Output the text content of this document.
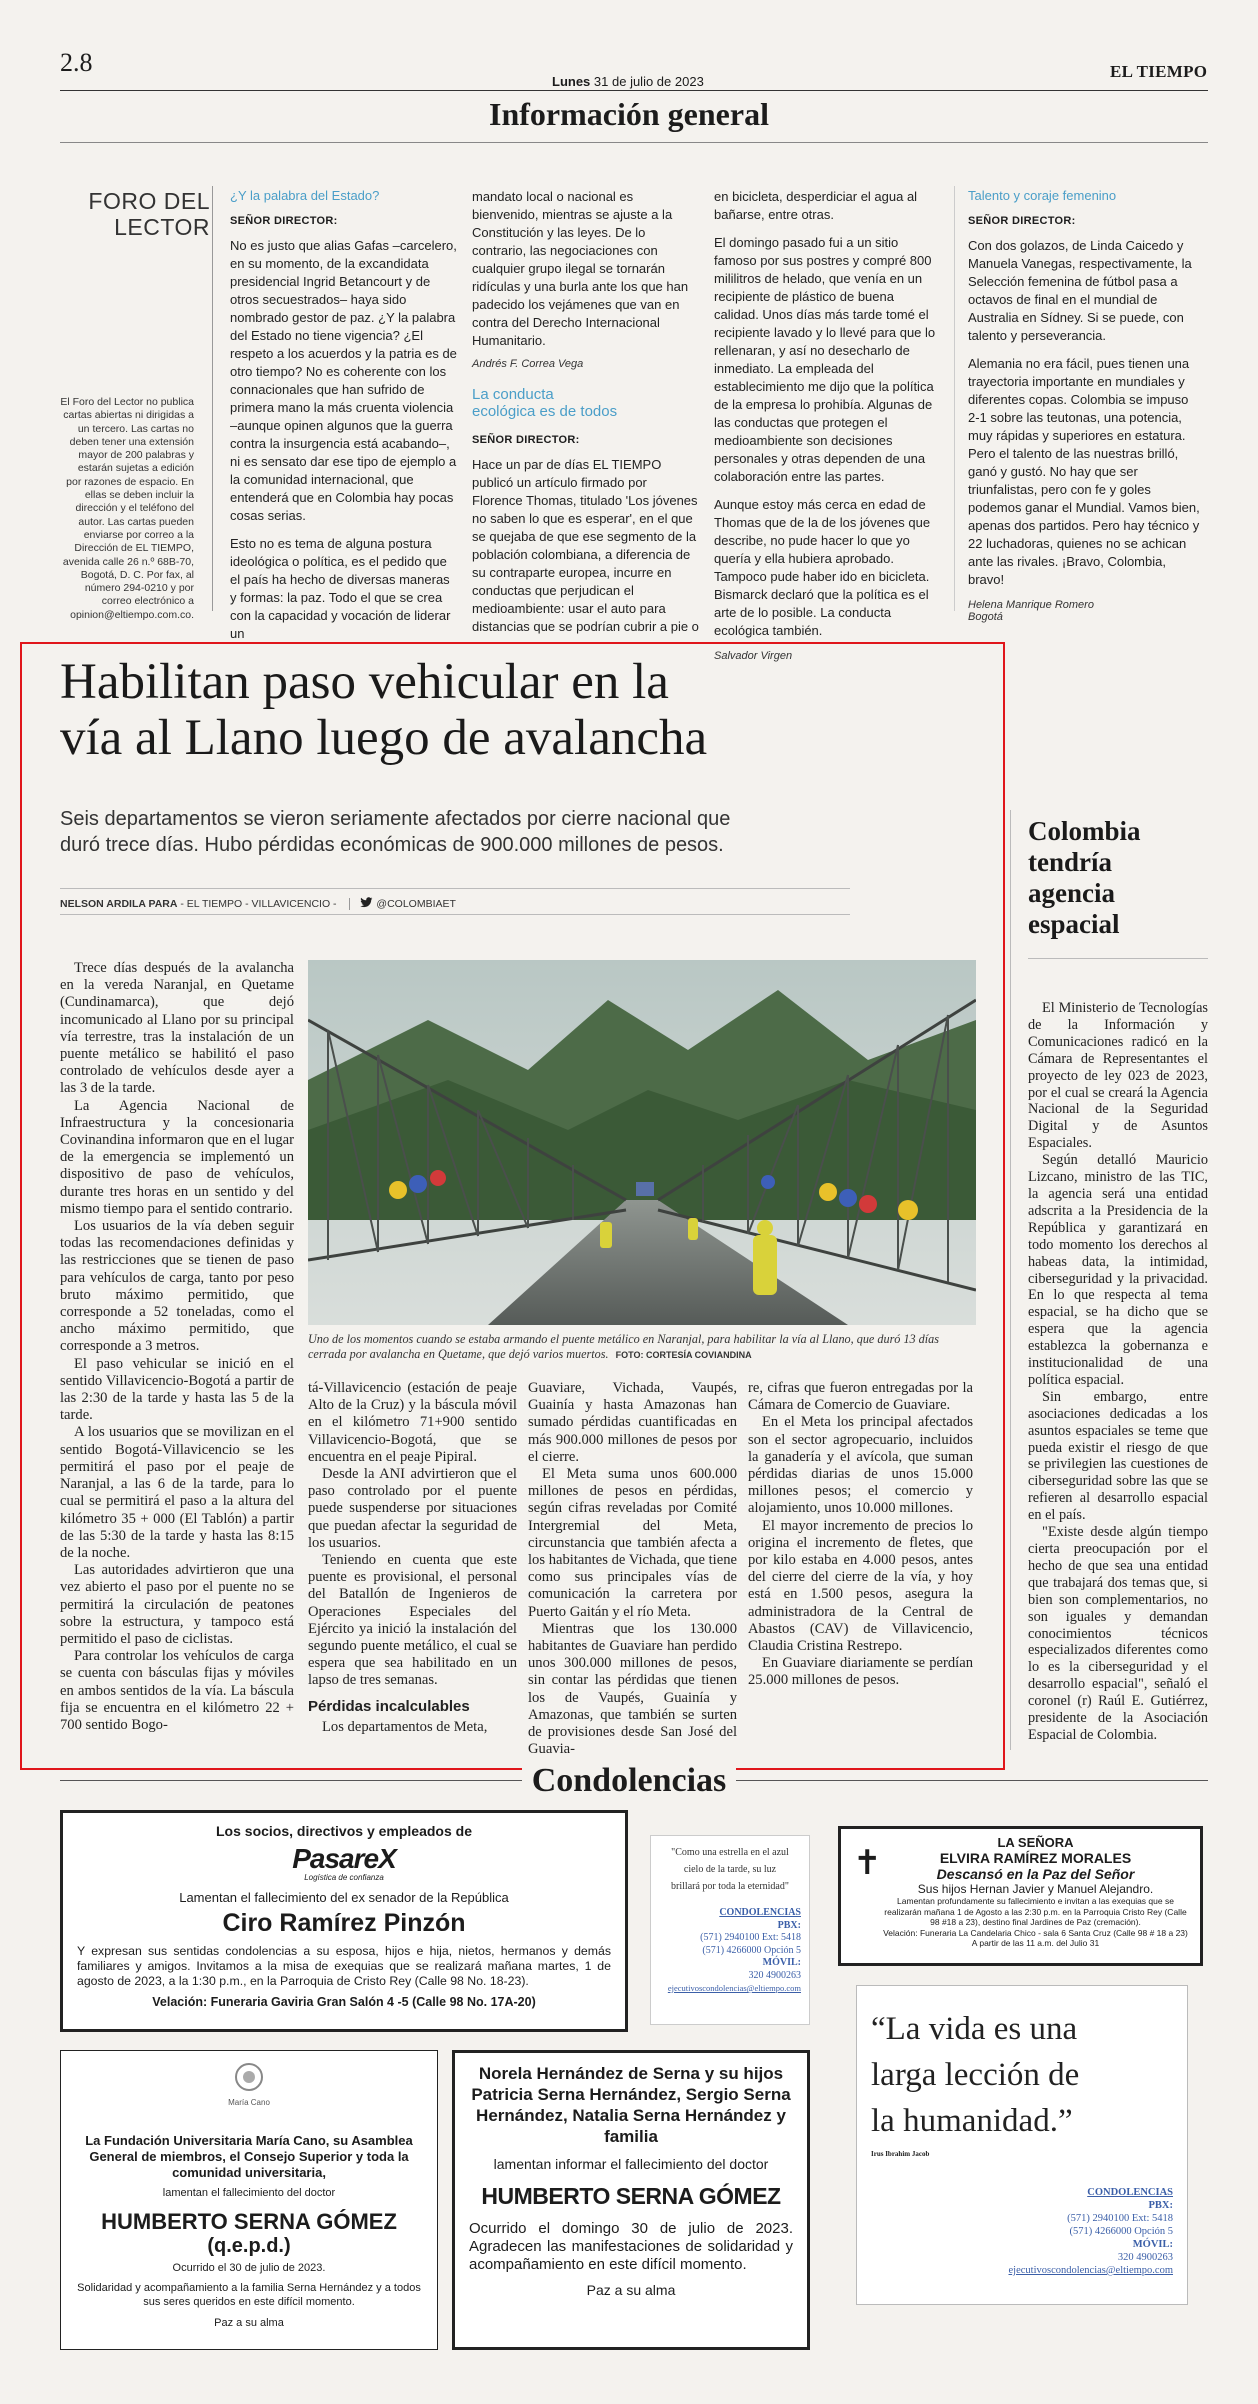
2.8
Lunes 31 de julio de 2023
EL TIEMPO
Información general
FORO DEL
LECTOR
El Foro del Lector no publica cartas abiertas ni dirigidas a un tercero. Las cartas no deben tener una extensión mayor de 200 palabras y estarán sujetas a edición por razones de espacio. En ellas se deben incluir la dirección y el teléfono del autor. Las cartas pueden enviarse por correo a la Dirección de EL TIEMPO, avenida calle 26 n.º 68B-70, Bogotá, D. C. Por fax, al número 294-0210 y por correo electrónico a opinion@eltiempo.com.co.
¿Y la palabra del Estado?
SEÑOR DIRECTOR:

No es justo que alias Gafas –carcelero, en su momento, de la excandidata presidencial Ingrid Betancourt y de otros secuestrados– haya sido nombrado gestor de paz. ¿Y la palabra del Estado no tiene vigencia? ¿El respeto a los acuerdos y la patria es de otro tiempo? No es coherente con los connacionales que han sufrido de primera mano la más cruenta violencia –aunque opinen algunos que la guerra contra la insurgencia está acabando–, ni es sensato dar ese tipo de ejemplo a la comunidad internacional, que entenderá que en Colombia hay pocas cosas serias.

Esto no es tema de alguna postura ideológica o política, es el pedido que el país ha hecho de diversas maneras y formas: la paz. Todo el que se crea con la capacidad y vocación de liderar un

mandato local o nacional es bienvenido, mientras se ajuste a la Constitución y las leyes. De lo contrario, las negociaciones con cualquier grupo ilegal se tornarán ridículas y una burla ante los que han padecido los vejámenes que van en contra del Derecho Internacional Humanitario.

Andrés F. Correa Vega
La conducta
ecológica es de todos
SEÑOR DIRECTOR:

Hace un par de días EL TIEMPO publicó un artículo firmado por Florence Thomas, titulado 'Los jóvenes no saben lo que es esperar', en el que se quejaba de que ese segmento de la población colombiana, a diferencia de su contraparte europea, incurre en conductas que perjudican el medioambiente: usar el auto para distancias que se podrían cubrir a pie o

en bicicleta, desperdiciar el agua al bañarse, entre otras.

El domingo pasado fui a un sitio famoso por sus postres y compré 800 mililitros de helado, que venía en un recipiente de plástico de buena calidad. Unos días más tarde tomé el recipiente lavado y lo llevé para que lo rellenaran, y así no desecharlo de inmediato. La empleada del establecimiento me dijo que la política de la empresa lo prohibía. Algunas de las conductas que protegen el medioambiente son decisiones personales y otras dependen de una colaboración entre las partes.

Aunque estoy más cerca en edad de Thomas que de la de los jóvenes que describe, no pude hacer lo que yo quería y ella hubiera aprobado. Tampoco pude haber ido en bicicleta. Bismarck declaró que la política es el arte de lo posible. La conducta ecológica también.

Salvador Virgen
Talento y coraje femenino
SEÑOR DIRECTOR:

Con dos golazos, de Linda Caicedo y Manuela Vanegas, respectivamente, la Selección femenina de fútbol pasa a octavos de final en el mundial de Australia en Sídney. Si se puede, con talento y perseverancia.

Alemania no era fácil, pues tienen una trayectoria importante en mundiales y diferentes copas. Colombia se impuso 2-1 sobre las teutonas, una potencia, muy rápidas y superiores en estatura. Pero el talento de las nuestras brilló, ganó y gustó. No hay que ser triunfalistas, pero con fe y goles podemos ganar el Mundial. Vamos bien, apenas dos partidos. Pero hay técnico y 22 luchadoras, quienes no se achican ante las rivales. ¡Bravo, Colombia, bravo!

Helena Manrique Romero
Bogotá
Habilitan paso vehicular en la
vía al Llano luego de avalancha
Seis departamentos se vieron seriamente afectados por cierre nacional que
duró trece días. Hubo pérdidas económicas de 900.000 millones de pesos.
NELSON ARDILA PARA - EL TIEMPO - VILLAVICENCIO -	@COLOMBIAET

Trece días después de la avalancha en la vereda Naranjal, en Quetame (Cundinamarca), que dejó incomunicado al Llano por su principal vía terrestre, tras la instalación de un puente metálico se habilitó el paso controlado de vehículos desde ayer a las 3 de la tarde.

La Agencia Nacional de Infraestructura y la concesionaria Covinandina informaron que en el lugar de la emergencia se implementó un dispositivo de paso de vehículos, durante tres horas en un sentido y del mismo tiempo para el sentido contrario.

Los usuarios de la vía deben seguir todas las recomendaciones definidas y las restricciones que se tienen de paso para vehículos de carga, tanto por peso bruto máximo permitido, que corresponde a 52 toneladas, como el ancho máximo permitido, que corresponde a 3 metros.

El paso vehicular se inició en el sentido Villavicencio-Bogotá a partir de las 2:30 de la tarde y hasta las 5 de la tarde.

A los usuarios que se movilizan en el sentido Bogotá-Villavicencio se les permitirá el paso por el peaje de Naranjal, a las 6 de la tarde, para lo cual se permitirá el paso a la altura del kilómetro 35 + 000 (El Tablón) a partir de las 5:30 de la tarde y hasta las 8:15 de la noche.

Las autoridades advirtieron que una vez abierto el paso por el puente no se permitirá la circulación de peatones sobre la estructura, y tampoco está permitido el paso de ciclistas.

Para controlar los vehículos de carga se cuenta con básculas fijas y móviles en ambos sentidos de la vía. La báscula fija se encuentra en el kilómetro 22 + 700 sentido Bogo-

Uno de los momentos cuando se estaba armando el puente metálico en Naranjal, para habilitar la vía al Llano, que duró 13 días cerrada por avalancha en Quetame, que dejó varios muertos. FOTO: CORTESÍA COVIANDINA

tá-Villavicencio (estación de peaje Alto de la Cruz) y la báscula móvil en el kilómetro 71+900 sentido Villavicencio-Bogotá, que se encuentra en el peaje Pipiral.

Desde la ANI advirtieron que el paso controlado por el puente puede suspenderse por situaciones que puedan afectar la seguridad de los usuarios.

Teniendo en cuenta que este puente es provisional, el personal del Batallón de Ingenieros de Operaciones Especiales del Ejército ya inició la instalación del segundo puente metálico, el cual se espera que sea habilitado en un lapso de tres semanas.

Pérdidas incalculables

Los departamentos de Meta,

Guaviare, Vichada, Vaupés, Guainía y hasta Amazonas han sumado pérdidas cuantificadas en más 900.000 millones de pesos por el cierre.

El Meta suma unos 600.000 millones de pesos en pérdidas, según cifras reveladas por Comité Intergremial del Meta, circunstancia que también afecta a los habitantes de Vichada, que tiene como sus principales vías de comunicación la carretera por Puerto Gaitán y el río Meta.

Mientras que los 130.000 habitantes de Guaviare han perdido unos 300.000 millones de pesos, sin contar las pérdidas que tienen los de Vaupés, Guainía y Amazonas, que también se surten de provisiones desde San José del Guavia-

re, cifras que fueron entregadas por la Cámara de Comercio de Guaviare.

En el Meta los principal afectados son el sector agropecuario, incluidos la ganadería y el avícola, que suman pérdidas diarias de unos 15.000 millones pesos; el comercio y alojamiento, unos 10.000 millones.

El mayor incremento de precios lo origina el incremento de fletes, que por kilo estaba en 4.000 pesos, antes del cierre del cierre de la vía, y hoy está en 1.500 pesos, asegura la administradora de la Central de Abastos (CAV) de Villavicencio, Claudia Cristina Restrepo.

En Guaviare diariamente se perdían 25.000 millones de pesos.

Colombia
tendría
agencia
espacial

El Ministerio de Tecnologías de la Información y Comunicaciones radicó en la Cámara de Representantes el proyecto de ley 023 de 2023, por el cual se creará la Agencia Nacional de la Seguridad Digital y de Asuntos Espaciales.

Según detalló Mauricio Lizcano, ministro de las TIC, la agencia será una entidad adscrita a la Presidencia de la República y garantizará en todo momento los derechos al habeas data, la intimidad, ciberseguridad y la privacidad. En lo que respecta al tema espacial, se ha dicho que se espera que la agencia establezca la gobernanza e institucionalidad de una política espacial.

Sin embargo, entre asociaciones dedicadas a los asuntos espaciales se teme que pueda existir el riesgo de que se privilegien las cuestiones de ciberseguridad sobre las que se refieren al desarrollo espacial en el país.

"Existe desde algún tiempo cierta preocupación por el hecho de que sea una entidad que trabajará dos temas que, si bien son complementarios, no son iguales y demandan conocimientos técnicos especializados diferentes como lo es la ciberseguridad y el desarrollo espacial", señaló el coronel (r) Raúl E. Gutiérrez, presidente de la Asociación Espacial de Colombia.

Condolencias
Los socios, directivos y empleados de
PasareX
Logística de confianza
Lamentan el fallecimiento del ex senador de la República
Ciro Ramírez Pinzón
Y expresan sus sentidas condolencias a su esposa, hijos e hija, nietos, hermanos y demás familiares y amigos. Invitamos a la misa de exequias que se realizará mañana martes, 1 de agosto de 2023, a la 1:30 p.m., en la Parroquia de Cristo Rey (Calle 98 No. 18-23).
Velación: Funeraria Gaviria Gran Salón 4 -5 (Calle 98 No. 17A-20)
"Como una estrella en el azul
cielo de la tarde, su luz
brillará por toda la eternidad"
CONDOLENCIAS
PBX:
(571) 2940100 Ext: 5418
(571) 4266000 Opción 5
MÓVIL:
320 4900263
ejecutivoscondolencias@eltiempo.com
✝
LA SEÑORA
ELVIRA RAMÍREZ MORALES
Descansó en la Paz del Señor
Sus hijos Hernan Javier y Manuel Alejandro.
Lamentan profundamente su fallecimiento e invitan a las exequias que se realizarán mañana 1 de Agosto a las 2:30 p.m. en la Parroquia Cristo Rey (Calle 98 #18 a 23), destino final Jardines de Paz (cremación).
Velación: Funeraria La Candelaria Chico - sala 6 Santa Cruz (Calle 98 # 18 a 23)
A partir de las 11 a.m. del Julio 31
María Cano
La Fundación Universitaria María Cano, su Asamblea General de miembros, el Consejo Superior y toda la comunidad universitaria,
lamentan el fallecimiento del doctor
HUMBERTO SERNA GÓMEZ
(q.e.p.d.)
Ocurrido el 30 de julio de 2023.
Solidaridad y acompañamiento a la familia Serna Hernández y a todos sus seres queridos en este difícil momento.
Paz a su alma
Norela Hernández de Serna y su hijos Patricia Serna Hernández, Sergio Serna Hernández, Natalia Serna Hernández y familia
lamentan informar el fallecimiento del doctor
HUMBERTO SERNA GÓMEZ
Ocurrido el domingo 30 de julio de 2023. Agradecen las manifestaciones de solidaridad y acompañamiento en este difícil momento.
Paz a su alma
“La vida es una
larga lección de
la humanidad.”
Irus Ibrahim Jacob
CONDOLENCIAS
PBX:
(571) 2940100 Ext: 5418
(571) 4266000 Opción 5
MÓVIL:
320 4900263
ejecutivoscondolencias@eltiempo.com
